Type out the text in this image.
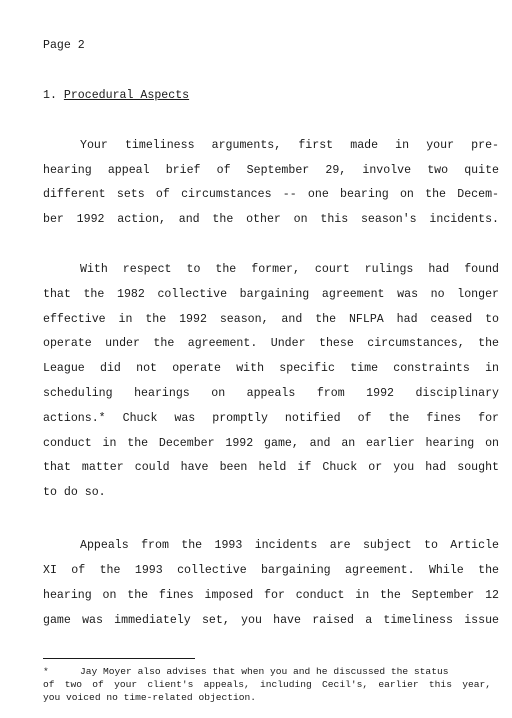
Page 2
1. Procedural Aspects
Your timeliness arguments, first made in your pre-
hearing appeal brief of September 29, involve two quite
different sets of circumstances -- one bearing on the Decem-
ber 1992 action, and the other on this season's incidents.
With respect to the former, court rulings had found
that the 1982 collective bargaining agreement was no longer
effective in the 1992 season, and the NFLPA had ceased to
operate under the agreement. Under these circumstances, the
League did not operate with specific time constraints in
scheduling hearings on appeals from 1992 disciplinary
actions.* Chuck was promptly notified of the fines for
conduct in the December 1992 game, and an earlier hearing on
that matter could have been held if Chuck or you had sought
to do so.
Appeals from the 1993 incidents are subject to Article
XI of the 1993 collective bargaining agreement. While the
hearing on the fines imposed for conduct in the September 12
game was immediately set, you have raised a timeliness issue
*	Jay Moyer also advises that when you and he discussed the status
of two of your client's appeals, including Cecil's, earlier this year,
you voiced no time-related objection.
